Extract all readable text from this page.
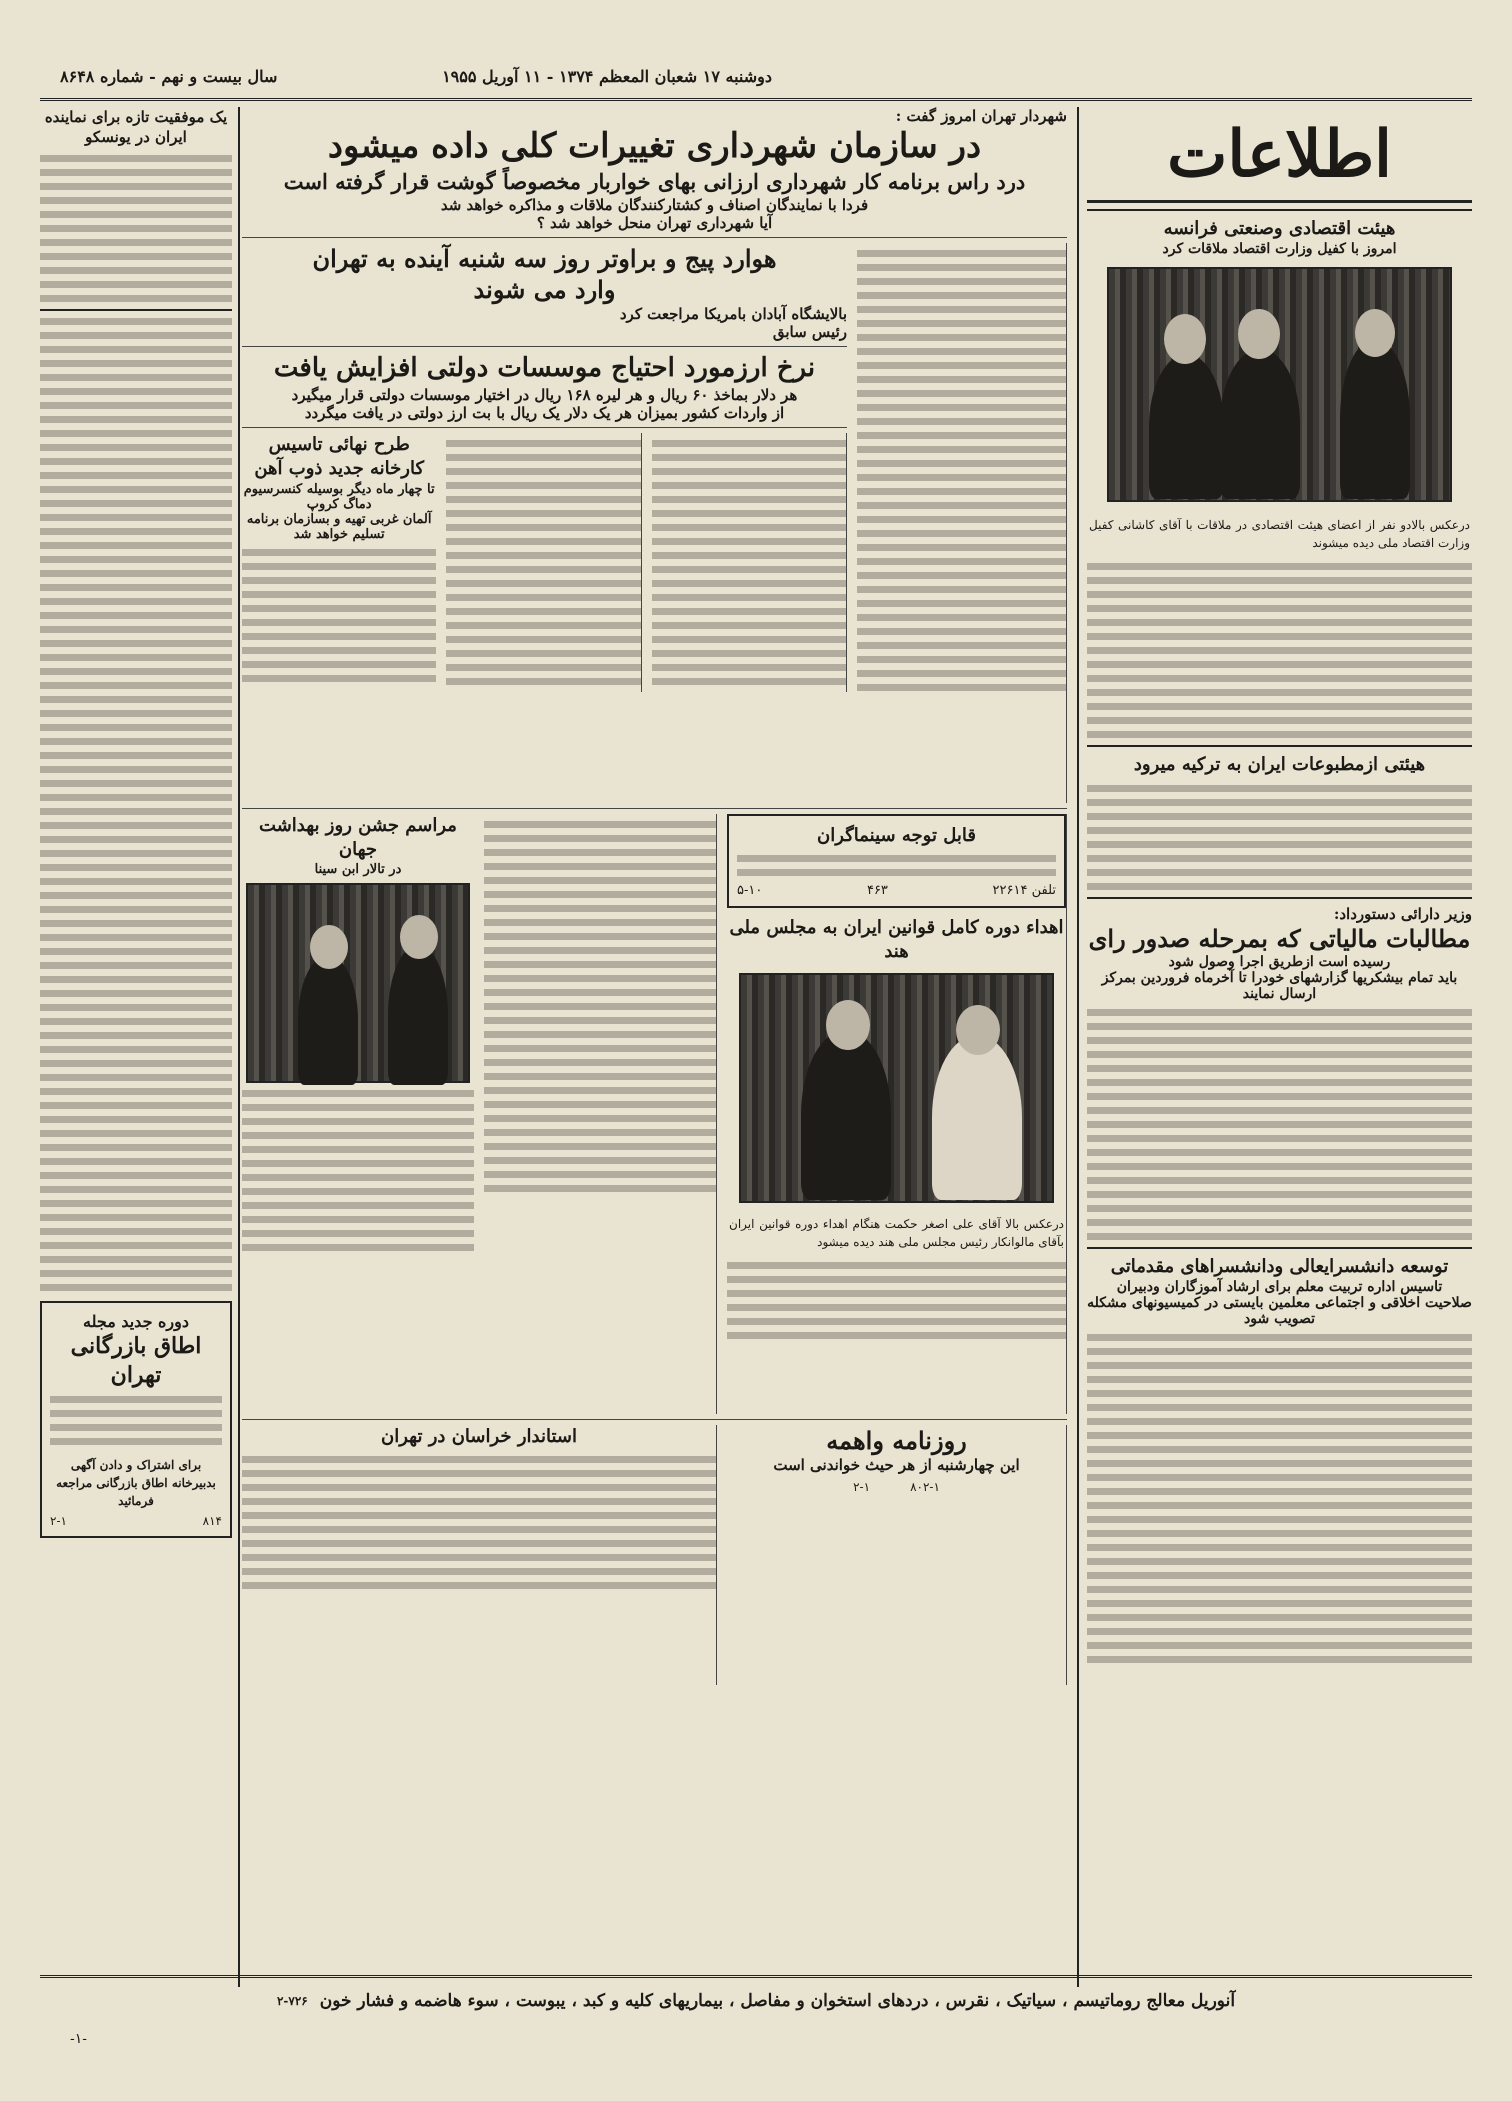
دوشنبه ۱۷ شعبان المعظم ۱۳۷۴ - ۱۱ آوریل ۱۹۵۵
سال بیست و نهم - شماره ۸۶۴۸
اطلاعات
هیئت اقتصادی وصنعتی فرانسه
امروز با کفیل وزارت اقتصاد ملاقات کرد
درعکس بالادو نفر از اعضای هیئت اقتصادی در ملاقات با آقای کاشانی کفیل وزارت اقتصاد ملی دیده میشوند
هیئتی ازمطبوعات ایران به ترکیه میرود
وزیر دارائی دستورداد:
مطالبات مالیاتی که بمرحله صدور رای
رسیده است ازطریق اجرا وصول شود
باید تمام بیشکریها گزارشهای خودرا تا آخرماه فروردین بمرکز ارسال نمایند
توسعه دانشسرایعالی ودانشسراهای مقدماتی
تاسیس اداره تربیت معلم برای ارشاد آموزگاران ودبیران
صلاحیت اخلاقی و اجتماعی معلمین بایستی در کمیسیونهای مشکله تصویب شود
شهردار تهران امروز گفت :
در سازمان شهرداری تغییرات کلی داده میشود
درد راس برنامه کار شهرداری ارزانی بهای خواربار مخصوصاً گوشت قرار گرفته است
فردا با نمایندگان اصناف و کشتارکنندگان ملاقات و مذاکره خواهد شد
آیا شهرداری تهران منحل خواهد شد ؟
هوارد پیج و براوتر روز سه شنبه آینده به تهران
وارد می شوند
بالایشگاه آبادان بامریکا مراجعت کرد
رئیس سابق
نرخ ارزمورد احتیاج موسسات دولتی افزایش یافت
هر دلار بماخذ ۶۰ ریال و هر لیره ۱۶۸ ریال در اختیار موسسات دولتی قرار میگیرد
از واردات کشور بمیزان هر یک دلار یک ریال با بت ارز دولتی در یافت میگردد
طرح نهائی تاسیس کارخانه جدید ذوب آهن
تا چهار ماه دیگر بوسیله کنسرسیوم دماگ کروپ
آلمان غربی تهیه و بسازمان برنامه تسلیم خواهد شد
قابل توجه سینماگران
تلفن ۲۲۶۱۴
۴۶۳
۵-۱۰
اهداء دوره کامل قوانین ایران به مجلس ملی هند
درعکس بالا آقای علی اصغر حکمت هنگام اهداء دوره قوانین ایران بآقای مالوانکار رئیس مجلس ملی هند دیده میشود
مراسم جشن روز بهداشت جهان
در تالار ابن سینا
روزنامه واهمه
این چهارشنبه از هر حیث خواندنی است
۸۰۲-۱
۲-۱
استاندار خراسان در تهران
یک موفقیت تازه برای نماینده ایران در یونسکو
دوره جدید مجله
اطاق بازرگانی تهران
برای اشتراک و دادن آگهی بدبیرخانه اطاق بازرگانی مراجعه فرمائید
۸۱۴
۲-۱
آنوریل معالج روماتیسم ، سیاتیک ، نقرس ، دردهای استخوان و مفاصل ، بیماریهای کلیه و کبد ، یبوست ، سوء هاضمه و فشار خون
۲-۷۲۶
-۱-
